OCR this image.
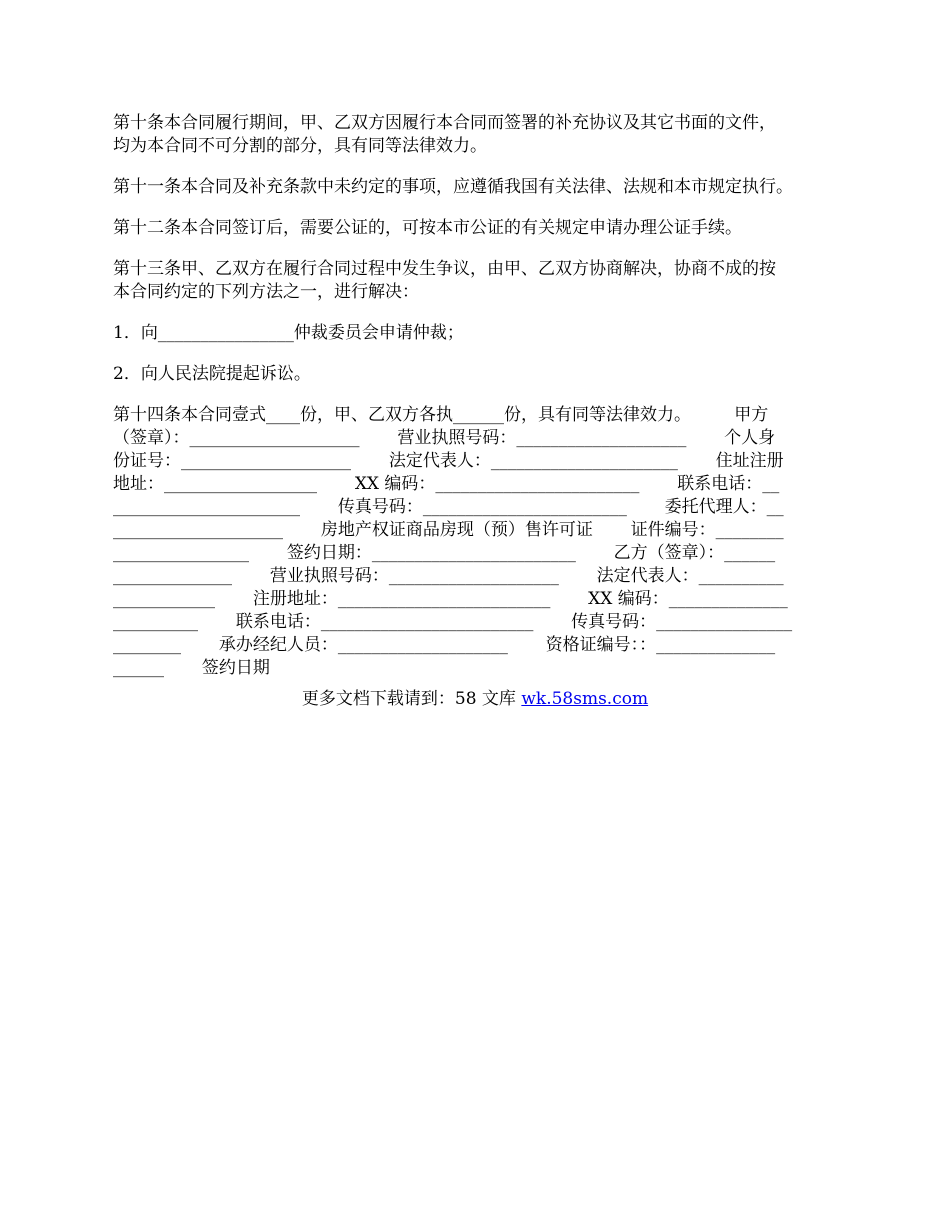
第十条本合同履行期间，甲、乙双方因履行本合同而签署的补充协议及其它书面的文件，
均为本合同不可分割的部分，具有同等法律效力。

第十一条本合同及补充条款中未约定的事项，应遵循我国有关法律、法规和本市规定执行。

第十二条本合同签订后，需要公证的，可按本市公证的有关规定申请办理公证手续。

第十三条甲、乙双方在履行合同过程中发生争议，由甲、乙双方协商解决，协商不成的按
本合同约定的下列方法之一，进行解决：

1．向________________仲裁委员会申请仲裁；

2．向人民法院提起诉讼。

第十四条本合同壹式____份，甲、乙双方各执______份，具有同等法律效力。        甲方
（签章）：____________________       营业执照号码：____________________       个人身
份证号：____________________       法定代表人：______________________       住址注册
地址：__________________       XX 编码：________________________       联系电话：__
______________________       传真号码：________________________       委托代理人：__
____________________       房地产权证商品房现（预）售许可证       证件编号：________
________________       签约日期：________________________       乙方（签章）：______
______________       营业执照号码：____________________       法定代表人：__________
____________       注册地址：_________________________       XX 编码：______________
__________       联系电话：_________________________       传真号码：________________
________       承办经纪人员：____________________       资格证编号：：______________
______       签约日期

更多文档下载请到：58 文库 wk.58sms.com
